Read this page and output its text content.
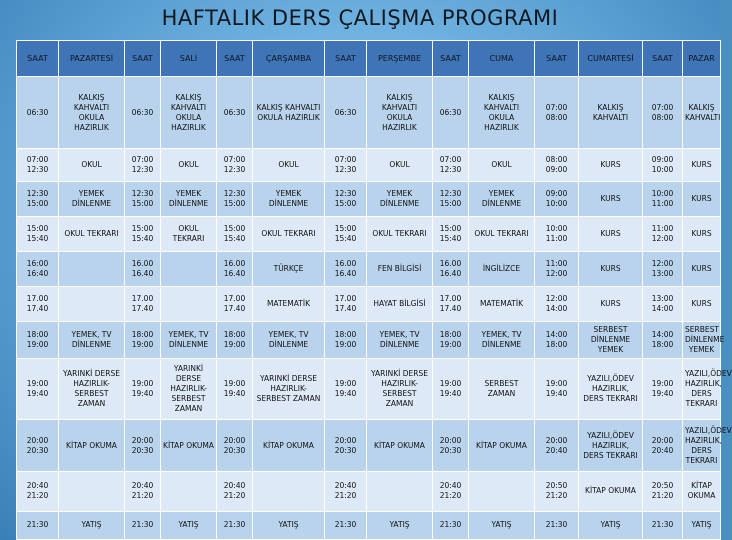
HAFTALIK DERS ÇALIŞMA PROGRAMI
SAAT	PAZARTESİ	SAAT	SALI	SAAT	ÇARŞAMBA	SAAT	PERŞEMBE	SAAT	CUMA	SAAT	CUMARTESİ	SAAT	PAZAR
06:30	KALKIŞ KAHVALTI OKULA HAZIRLIK	06:30	KALKIŞ KAHVALTI OKULA HAZIRLIK	06:30	KALKIŞ KAHVALTI OKULA HAZIRLIK	06:30	KALKIŞ KAHVALTI OKULA HAZIRLIK	06:30	KALKIŞ KAHVALTI OKULA HAZIRLIK	07:00 08:00	KALKIŞ KAHVALTI	07:00 08:00	KALKIŞ KAHVALTI
07:00 12:30	OKUL	07:00 12:30	OKUL	07:00 12:30	OKUL	07:00 12:30	OKUL	07:00 12:30	OKUL	08:00 09:00	KURS	09:00 10:00	KURS
12:30 15:00	YEMEK DİNLENME	12:30 15:00	YEMEK DİNLENME	12:30 15:00	YEMEK DİNLENME	12:30 15:00	YEMEK DİNLENME	12:30 15:00	YEMEK DİNLENME	09:00 10:00	KURS	10:00 11:00	KURS
15:00 15:40	OKUL TEKRARI	15:00 15:40	OKUL TEKRARI	15:00 15:40	OKUL TEKRARI	15:00 15:40	OKUL TEKRARI	15:00 15:40	OKUL TEKRARI	10:00 11:00	KURS	11:00 12:00	KURS
16:00 16:40		16.00 16.40		16.00 16.40	TÜRKÇE	16.00 16.40	FEN BİLGİSİ	16.00 16.40	İNGİLİZCE	11:00 12:00	KURS	12:00 13:00	KURS
17.00 17.40		17.00 17.40		17.00 17.40	MATEMATİK	17.00 17.40	HAYAT BİLGİSİ	17.00 17.40	MATEMATİK	12:00 14:00	KURS	13:00 14:00	KURS
18:00 19:00	YEMEK, TV DİNLENME	18:00 19:00	YEMEK, TV DİNLENME	18:00 19:00	YEMEK, TV DİNLENME	18:00 19:00	YEMEK, TV DİNLENME	18:00 19:00	YEMEK, TV DİNLENME	14:00 18:00	SERBEST DİNLENME YEMEK	14:00 18:00	SERBEST DİNLENME YEMEK
19:00 19:40	YARINKİ DERSE HAZIRLIK-SERBEST ZAMAN	19:00 19:40	YARINKİ DERSE HAZIRLIK-SERBEST ZAMAN	19:00 19:40	YARINKİ DERSE HAZIRLIK-SERBEST ZAMAN	19:00 19:40	YARINKİ DERSE HAZIRLIK-SERBEST ZAMAN	19:00 19:40	SERBEST ZAMAN	19:00 19:40	YAZILI,ÖDEV HAZIRLIK, DERS TEKRARI	19:00 19:40	YAZILI,ÖDEV HAZIRLIK, DERS TEKRARI
20:00 20:30	KİTAP OKUMA	20:00 20:30	KİTAP OKUMA	20:00 20:30	KİTAP OKUMA	20:00 20:30	KİTAP OKUMA	20:00 20:30	KİTAP OKUMA	20:00 20:40	YAZILI,ÖDEV HAZIRLIK, DERS TEKRARI	20:00 20:40	YAZILI,ÖDEV HAZIRLIK, DERS TEKRARI
20:40 21:20		20:40 21:20		20:40 21:20		20:40 21:20		20:40 21:20		20:50 21:20	KİTAP OKUMA	20:50 21:20	KİTAP OKUMA
21:30	YATIŞ	21:30	YATIŞ	21:30	YATIŞ	21:30	YATIŞ	21:30	YATIŞ	21:30	YATIŞ	21:30	YATIŞ
